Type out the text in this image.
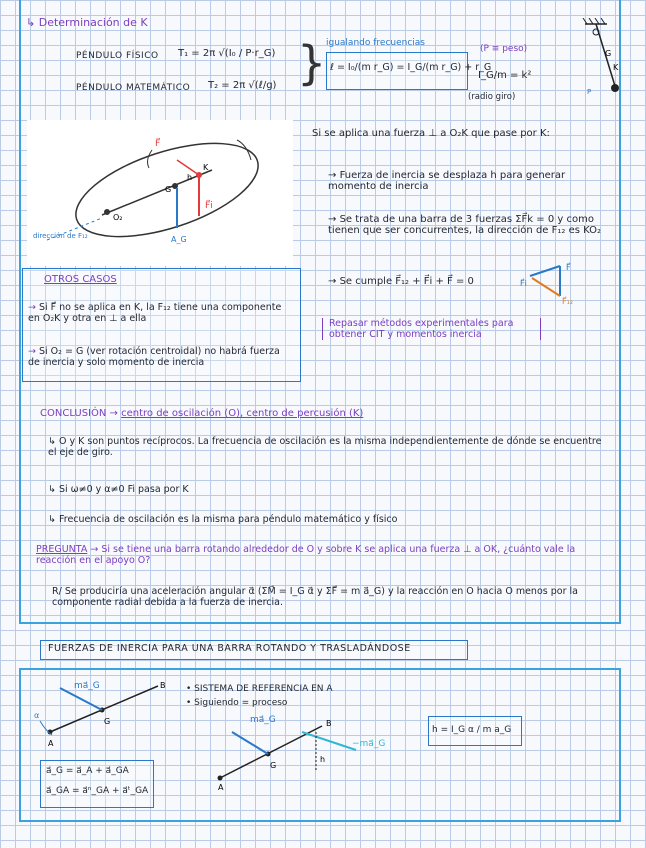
↳ Determinación de K
PÉNDULO FÍSICO T₁ = 2π √(I₀ / P·r_G)
PÉNDULO MATEMÁTICO T₂ = 2π √(ℓ/g) } igualando frecuencias
ℓ = I₀/(m r_G) = I_G/(m r_G) + r_G
(P ≡ peso)
I_G/m = k²
(radio giro)
G
K
P
F⃗
F⃗i
K
G
O₂
A_G
dirección de F₁₂
h
Si se aplica una fuerza ⊥ a O₂K que pase por K:
→ Fuerza de inercia se desplaza h para generar momento de inercia
→ Se trata de una barra de 3 fuerzas ΣF⃗k = 0 y como tienen que ser concurrentes, la dirección de F₁₂ es KO₂
→ Se cumple F⃗₁₂ + F⃗i + F⃗ = 0
F⃗
F⃗i
F⃗₁₂
Repasar métodos experimentales para obtener CIT y momentos inercia
OTROS CASOS
→ Si F⃗ no se aplica en K, la F₁₂ tiene una componente en O₂K y otra en ⊥ a ella
→ Si O₂ = G (ver rotación centroidal) no habrá fuerza de inercia y solo momento de inercia
CONCLUSIÓN → centro de oscilación (O), centro de percusión (K)
↳ O y K son puntos recíprocos. La frecuencia de oscilación es la misma independientemente de dónde se encuentre el eje de giro.
↳ Si ω≠0 y α≠0 Fi pasa por K
↳ Frecuencia de oscilación es la misma para péndulo matemático y físico
PREGUNTA → Si se tiene una barra rotando alrededor de O y sobre K se aplica una fuerza ⊥ a OK, ¿cuánto vale la reacción en el apoyo O?
R/ Se produciría una aceleración angular α⃗ (ΣM⃗ = I_G α⃗ y ΣF⃗ = m a⃗_G) y la reacción en O hacia O menos por la componente radial debida a la fuerza de inercia.
FUERZAS DE INERCIA PARA UNA BARRA ROTANDO Y TRASLADÁNDOSE
ma⃗_G	B
G
A
α
• SISTEMA DE REFERENCIA EN A
• Siguiendo = proceso
ma⃗_G
−ma⃗_G
B
G
A
h
h = I_G α / m a_G
a⃗_G = a⃗_A + a⃗_GA
a⃗_GA = a⃗ⁿ_GA + a⃗ᵗ_GA
